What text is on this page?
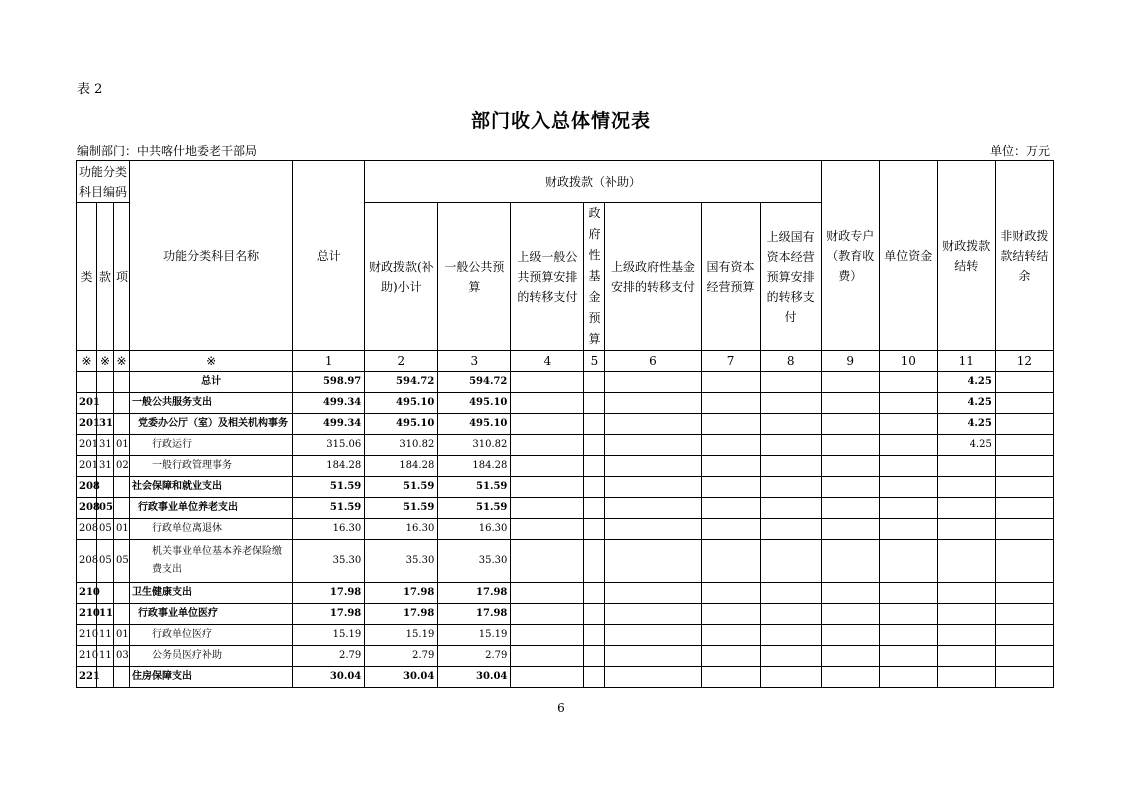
表 2
部门收入总体情况表
编制部门：中共喀什地委老干部局	单位：万元
功能分类科目编码			功能分类科目名称	总计	财政拨款（补助）							财政专户（教育收费）	单位资金	财政拨款结转	非财政拨款结转结余
类	款	项			财政拨款(补助)小计	一般公共预算	上级一般公共预算安排的转移支付	政府性基金预算	上级政府性基金安排的转移支付	国有资本经营预算	上级国有资本经营预算安排的转移支付				
※	※	※	※	1	2	3	4	5	6	7	8	9	10	11	12
			总计	598.97	594.72	594.72								4.25	
201			一般公共服务支出	499.34	495.10	495.10								4.25	
201	31		党委办公厅（室）及相关机构事务	499.34	495.10	495.10								4.25	
201	31	01	行政运行	315.06	310.82	310.82								4.25	
201	31	02	一般行政管理事务	184.28	184.28	184.28									
208			社会保障和就业支出	51.59	51.59	51.59									
208	05		行政事业单位养老支出	51.59	51.59	51.59									
208	05	01	行政单位离退休	16.30	16.30	16.30									
208	05	05	机关事业单位基本养老保险缴费支出	35.30	35.30	35.30									
210			卫生健康支出	17.98	17.98	17.98									
210	11		行政事业单位医疗	17.98	17.98	17.98									
210	11	01	行政单位医疗	15.19	15.19	15.19									
210	11	03	公务员医疗补助	2.79	2.79	2.79									
221			住房保障支出	30.04	30.04	30.04									
6
